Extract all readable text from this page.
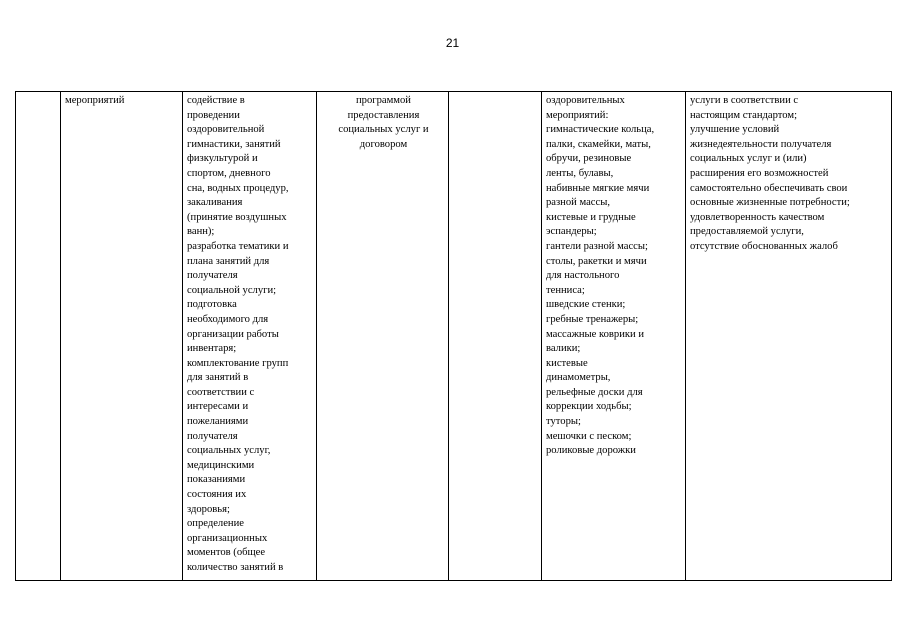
21
	мероприятий	содействие в
проведении
оздоровительной
гимнастики, занятий
физкультурой и
спортом, дневного
сна, водных процедур,
закаливания
(принятие воздушных
ванн);
разработка тематики и
плана занятий для
получателя
социальной услуги;
подготовка
необходимого для
организации работы
инвентаря;
комплектование групп
для занятий в
соответствии с
интересами и
пожеланиями
получателя
социальных услуг,
медицинскими
показаниями
состояния их
здоровья;
определение
организационных
моментов (общее
количество занятий в	программой
предоставления
социальных услуг и
договором		оздоровительных
мероприятий:
гимнастические кольца,
палки, скамейки, маты,
обручи, резиновые
ленты, булавы,
набивные мягкие мячи
разной массы,
кистевые и грудные
эспандеры;
гантели разной массы;
столы, ракетки и мячи
для настольного
тенниса;
шведские стенки;
гребные тренажеры;
массажные коврики и
валики;
кистевые
динамометры,
рельефные доски для
коррекции ходьбы;
туторы;
мешочки с песком;
роликовые дорожки	услуги в соответствии с
настоящим стандартом;
улучшение условий
жизнедеятельности получателя
социальных услуг и (или)
расширения его возможностей
самостоятельно обеспечивать свои
основные жизненные потребности;
удовлетворенность качеством
предоставляемой услуги,
отсутствие обоснованных жалоб
